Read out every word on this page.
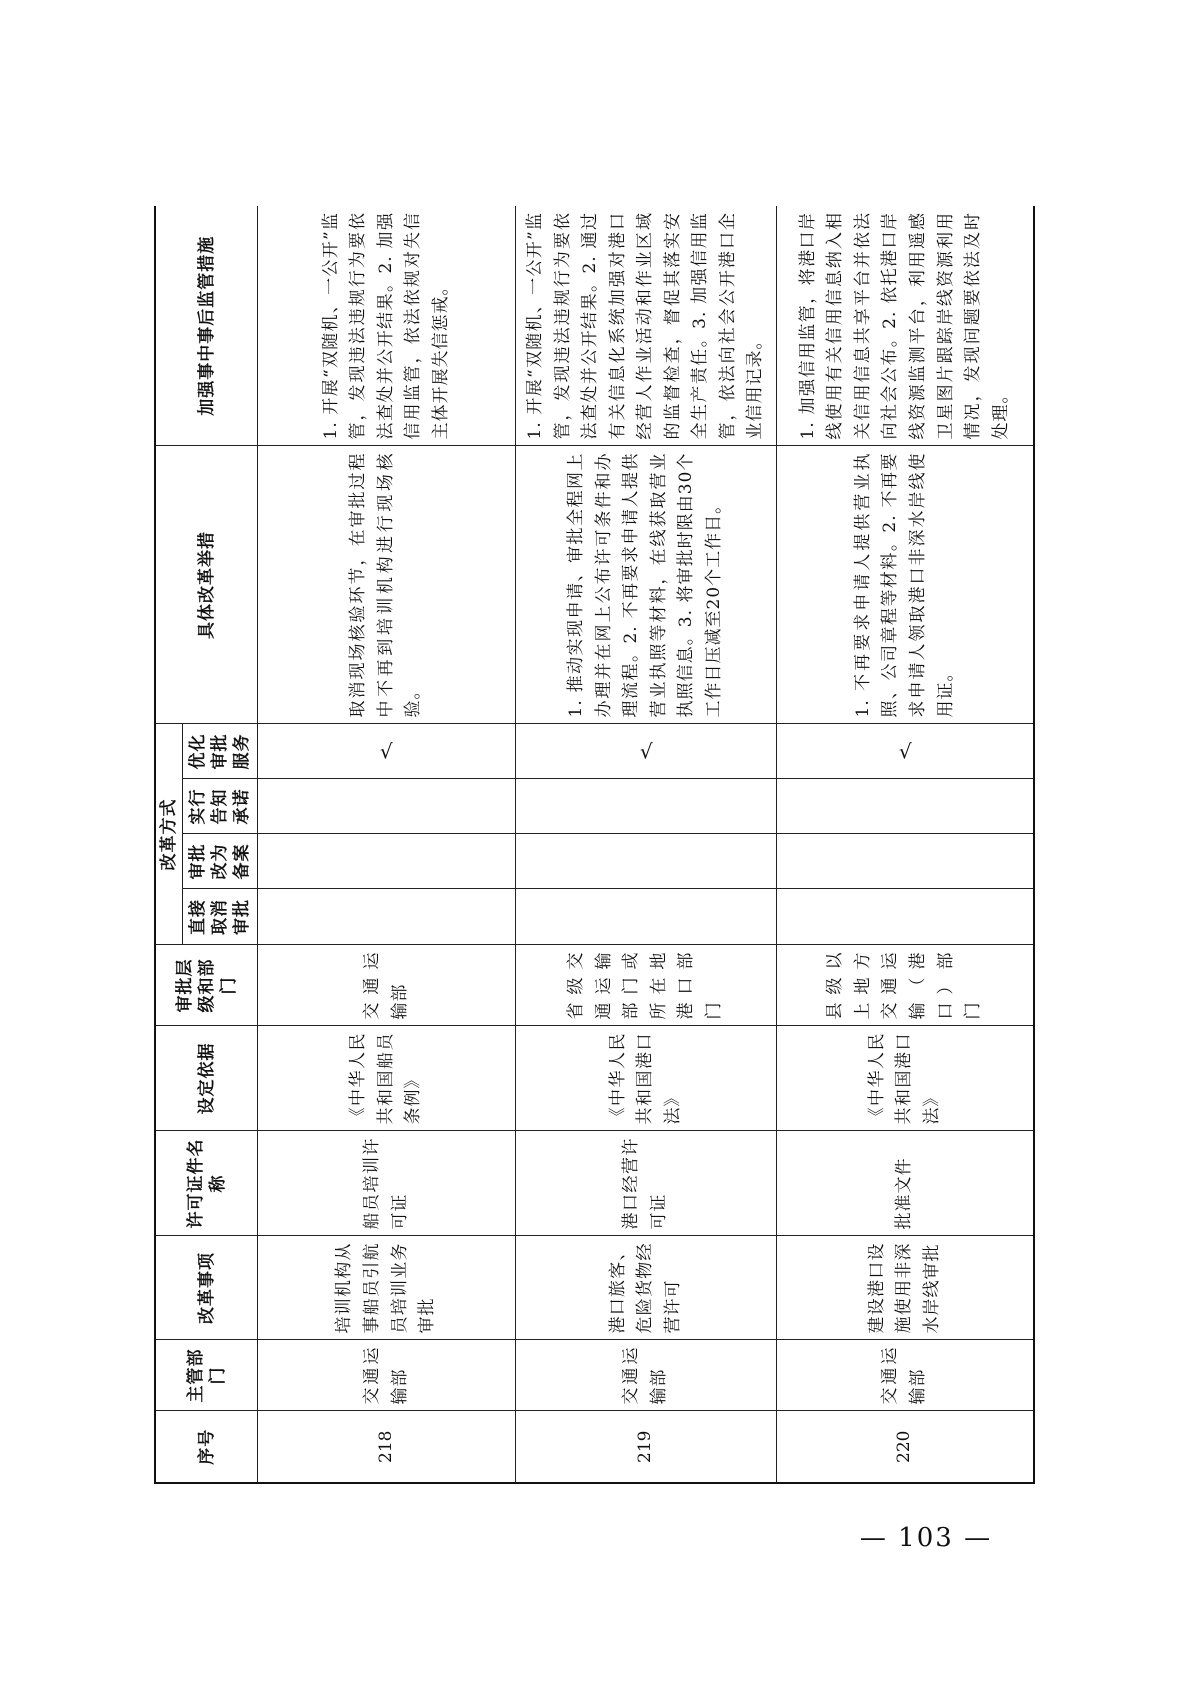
序号	主管部门	改革事项	许可证件名称	设定依据	审批层级和部门	改革方式				具体改革举措	加强事中事后监管措施
						直接取消审批	审批改为备案	实行告知承诺	优化审批服务		
218	交通运输部	培训机构从事船员引航员培训业务审批	船员培训许可证	《中华人民共和国船员条例》	交通运输部				√	取消现场核验环节，在审批过程中不再到培训机构进行现场核验。	1. 开展“双随机、一公开”监管，发现违法违规行为要依法查处并公开结果。2. 加强信用监管，依法依规对失信主体开展失信惩戒。
219	交通运输部	港口旅客、危险货物经营许可	港口经营许可证	《中华人民共和国港口法》	省级交通运输部门或所在地港口部门				√	1. 推动实现申请、审批全程网上办理并在网上公布许可条件和办理流程。2. 不再要求申请人提供营业执照等材料，在线获取营业执照信息。3. 将审批时限由30个工作日压减至20个工作日。	1. 开展“双随机、一公开”监管，发现违法违规行为要依法查处并公开结果。2. 通过有关信息化系统加强对港口经营人作业活动和作业区域的监督检查，督促其落实安全生产责任。3. 加强信用监管，依法向社会公开港口企业信用记录。
220	交通运输部	建设港口设施使用非深水岸线审批	批准文件	《中华人民共和国港口法》	县级以上地方交通运输（港口）部门				√	1. 不再要求申请人提供营业执照、公司章程等材料。2. 不再要求申请人领取港口非深水岸线使用证。	1. 加强信用监管，将港口岸线使用有关信用信息纳入相关信用信息共享平台并依法向社会公布。2. 依托港口岸线资源监测平台，利用遥感卫星图片跟踪岸线资源利用情况，发现问题要依法及时处理。
— 103 —
